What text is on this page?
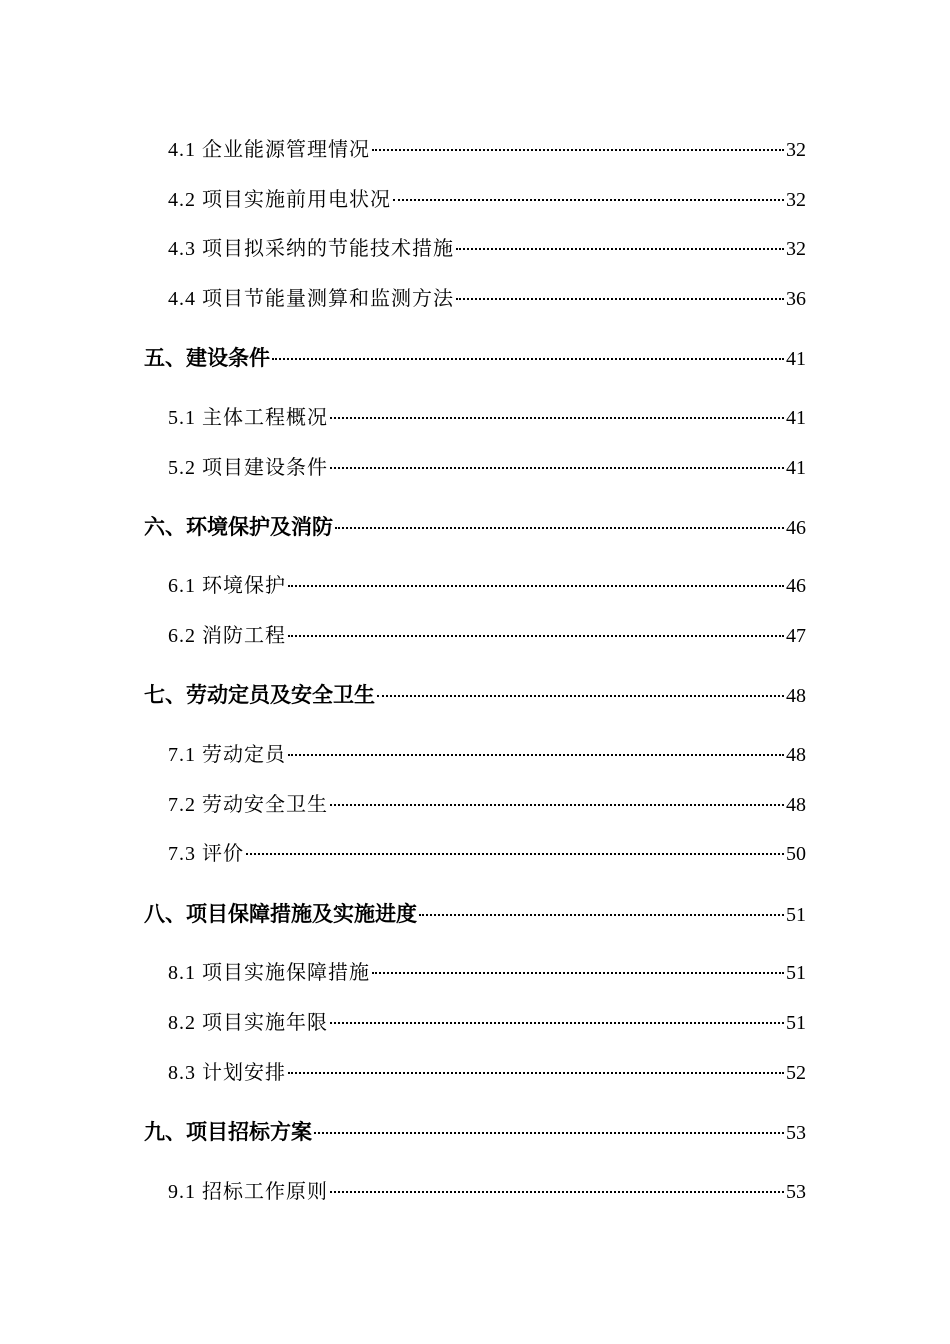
4.1 企业能源管理情况	32
4.2 项目实施前用电状况	32
4.3 项目拟采纳的节能技术措施	32
4.4 项目节能量测算和监测方法	36
五、建设条件	41
5.1 主体工程概况	41
5.2 项目建设条件	41
六、环境保护及消防	46
6.1 环境保护	46
6.2 消防工程	47
七、劳动定员及安全卫生	48
7.1 劳动定员	48
7.2 劳动安全卫生	48
7.3 评价	50
八、项目保障措施及实施进度	51
8.1 项目实施保障措施	51
8.2 项目实施年限	51
8.3 计划安排	52
九、项目招标方案	53
9.1 招标工作原则	53
